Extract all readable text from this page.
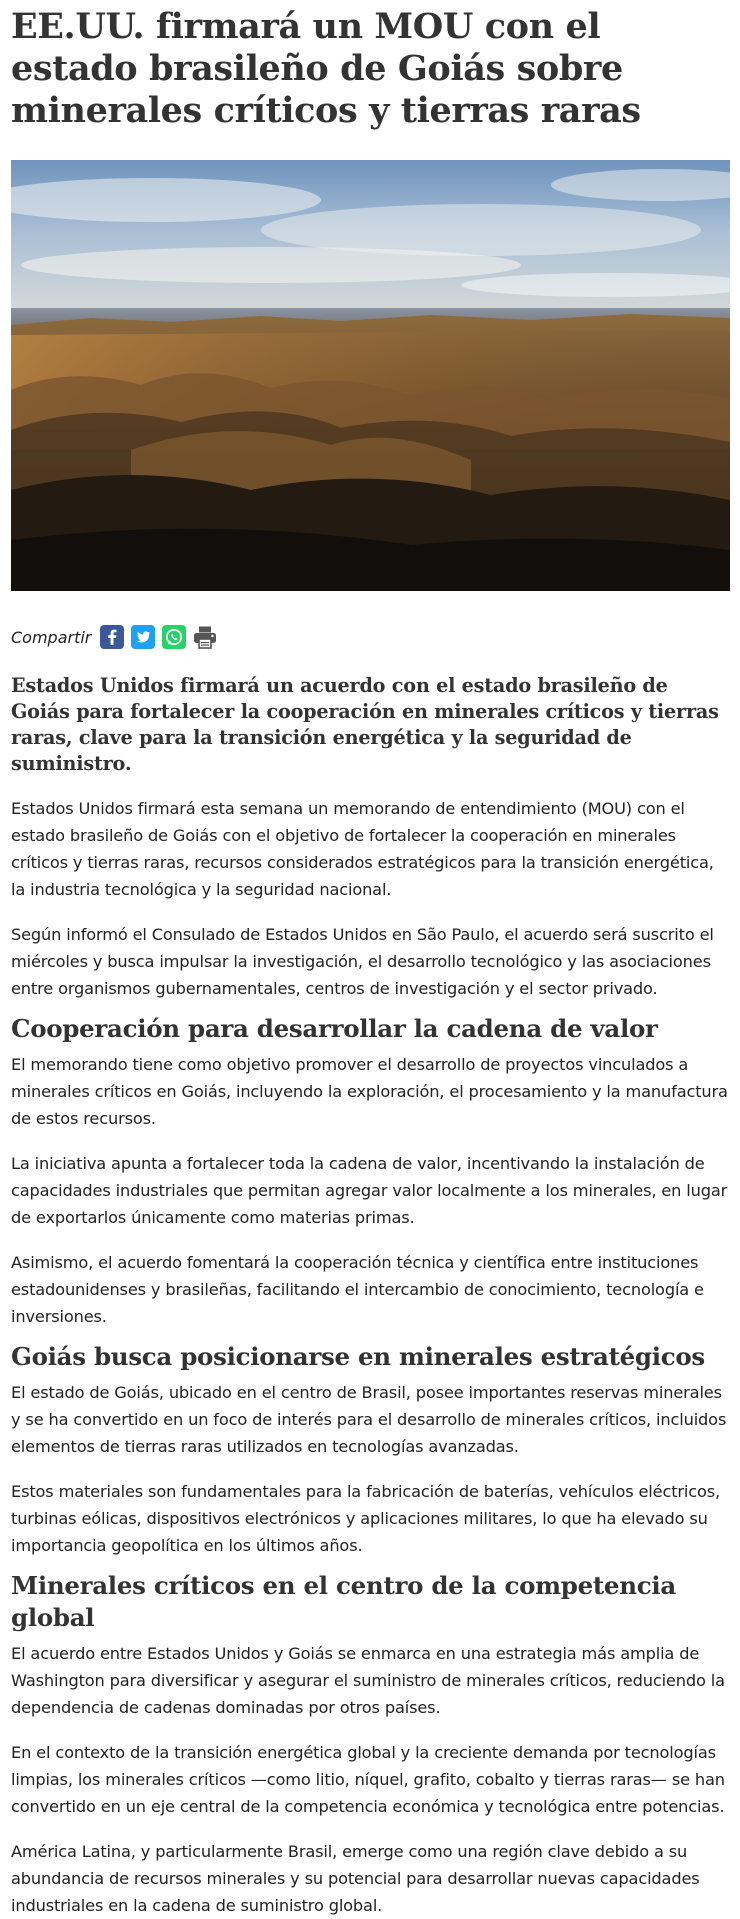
EE.UU. firmará un MOU con el estado brasileño de Goiás sobre minerales críticos y tierras raras
Compartir

Estados Unidos firmará un acuerdo con el estado brasileño de Goiás para fortalecer la cooperación en minerales críticos y tierras raras, clave para la transición energética y la seguridad de suministro.

Estados Unidos firmará esta semana un memorando de entendimiento (MOU) con el estado brasileño de Goiás con el objetivo de fortalecer la cooperación en minerales críticos y tierras raras, recursos considerados estratégicos para la transición energética, la industria tecnológica y la seguridad nacional.

Según informó el Consulado de Estados Unidos en São Paulo, el acuerdo será suscrito el miércoles y busca impulsar la investigación, el desarrollo tecnológico y las asociaciones entre organismos gubernamentales, centros de investigación y el sector privado.

Cooperación para desarrollar la cadena de valor

El memorando tiene como objetivo promover el desarrollo de proyectos vinculados a minerales críticos en Goiás, incluyendo la exploración, el procesamiento y la manufactura de estos recursos.

La iniciativa apunta a fortalecer toda la cadena de valor, incentivando la instalación de capacidades industriales que permitan agregar valor localmente a los minerales, en lugar de exportarlos únicamente como materias primas.

Asimismo, el acuerdo fomentará la cooperación técnica y científica entre instituciones estadounidenses y brasileñas, facilitando el intercambio de conocimiento, tecnología e inversiones.

Goiás busca posicionarse en minerales estratégicos

El estado de Goiás, ubicado en el centro de Brasil, posee importantes reservas minerales y se ha convertido en un foco de interés para el desarrollo de minerales críticos, incluidos elementos de tierras raras utilizados en tecnologías avanzadas.

Estos materiales son fundamentales para la fabricación de baterías, vehículos eléctricos, turbinas eólicas, dispositivos electrónicos y aplicaciones militares, lo que ha elevado su importancia geopolítica en los últimos años.

Minerales críticos en el centro de la competencia global

El acuerdo entre Estados Unidos y Goiás se enmarca en una estrategia más amplia de Washington para diversificar y asegurar el suministro de minerales críticos, reduciendo la dependencia de cadenas dominadas por otros países.

En el contexto de la transición energética global y la creciente demanda por tecnologías limpias, los minerales críticos —como litio, níquel, grafito, cobalto y tierras raras— se han convertido en un eje central de la competencia económica y tecnológica entre potencias.

América Latina, y particularmente Brasil, emerge como una región clave debido a su abundancia de recursos minerales y su potencial para desarrollar nuevas capacidades industriales en la cadena de suministro global.
